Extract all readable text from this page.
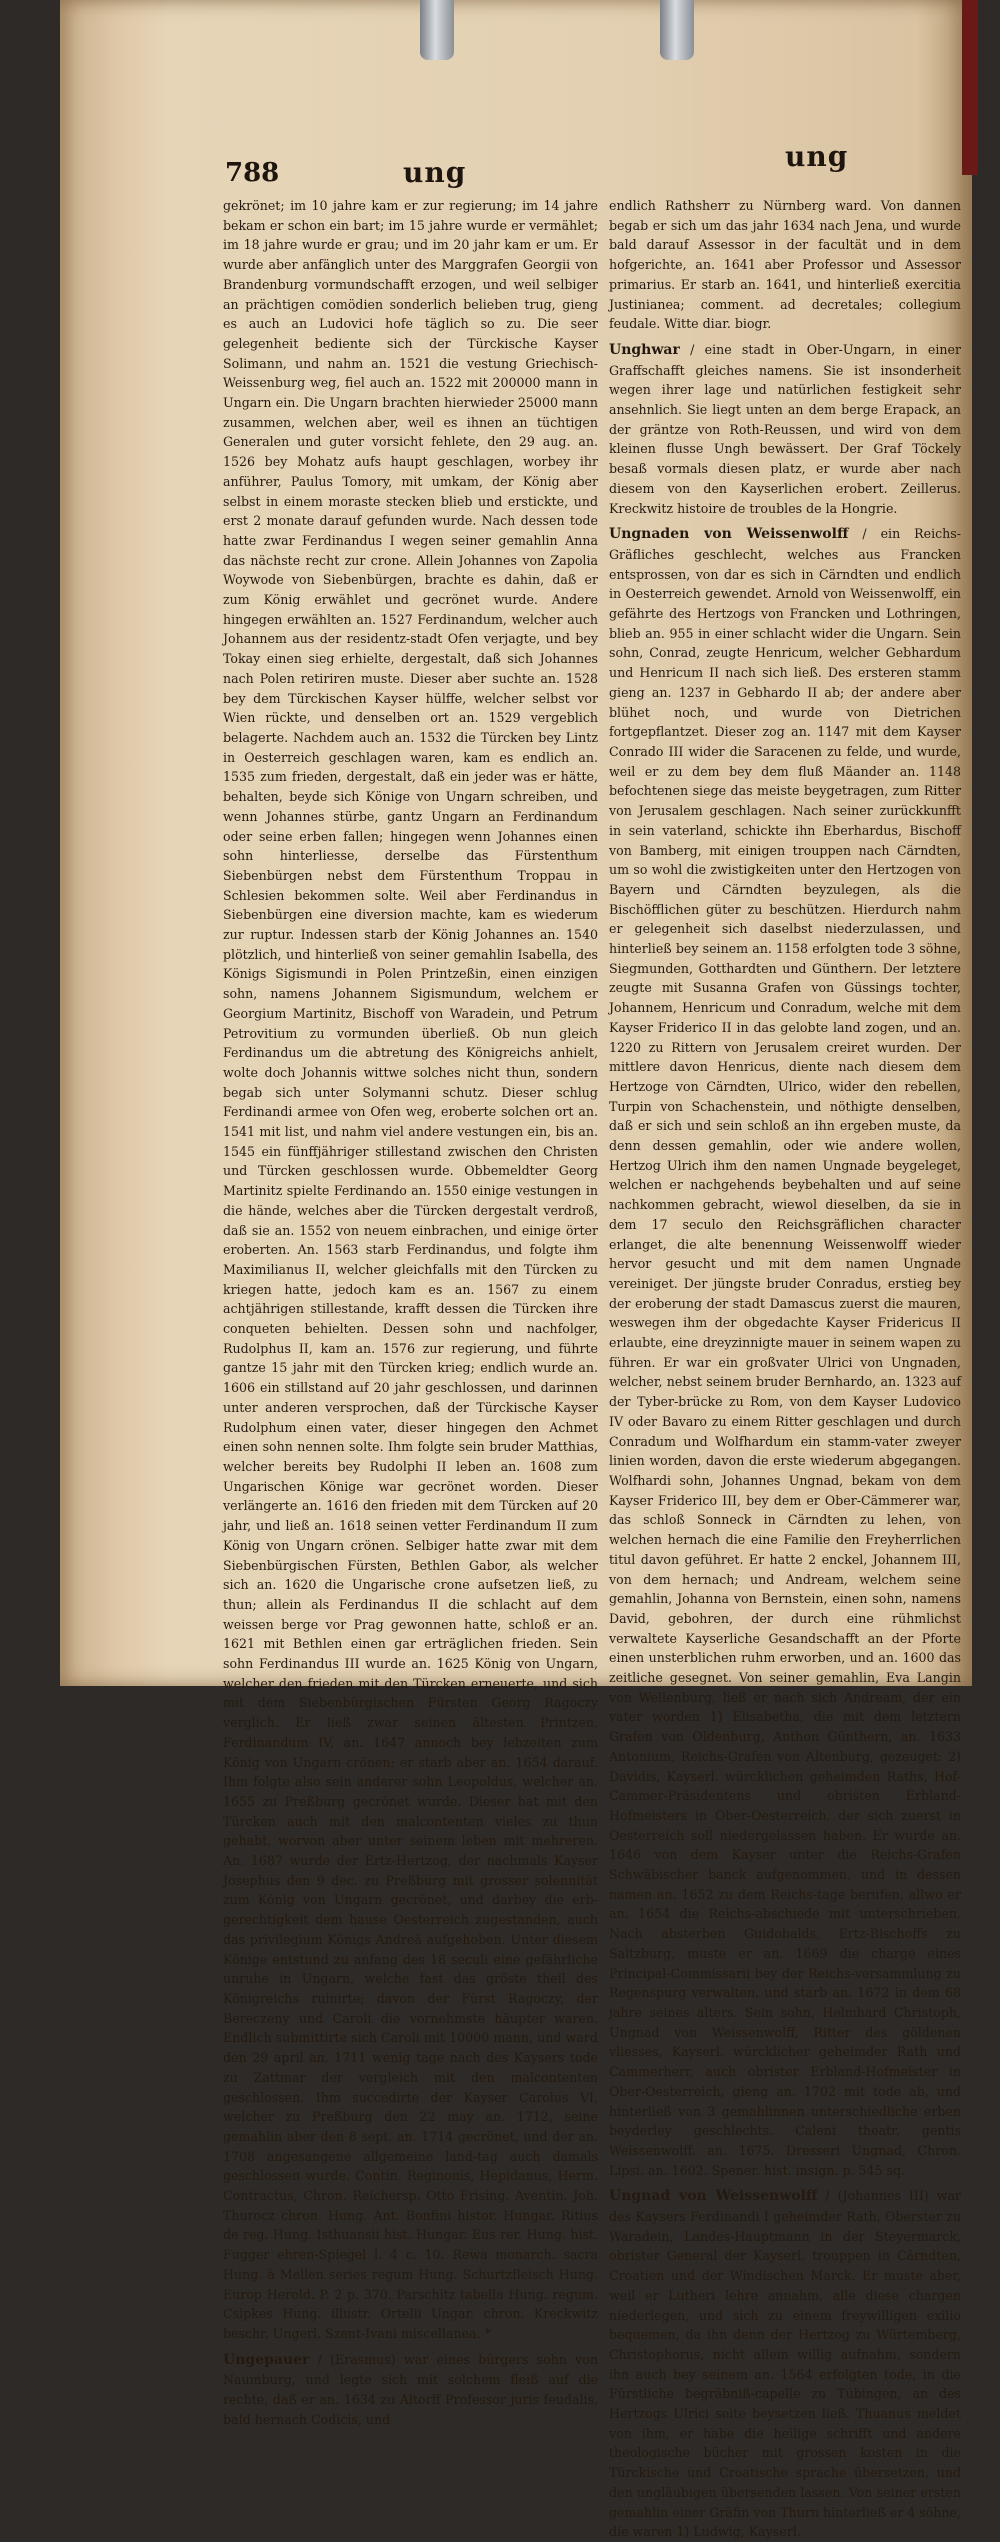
788	ung	ung

gekrönet; im 10 jahre kam er zur regierung; im 14 jahre bekam er schon ein bart; im 15 jahre wurde er vermählet; im 18 jahre wurde er grau; und im 20 jahr kam er um. Er wurde aber anfänglich unter des Marggrafen Georgii von Brandenburg vormundschafft erzogen, und weil selbiger an prächtigen comödien sonderlich belieben trug, gieng es auch an Ludovici hofe täglich so zu. Die seer gelegenheit bediente sich der Türckische Kayser Solimann, und nahm an. 1521 die vestung Griechisch-Weissenburg weg, fiel auch an. 1522 mit 200000 mann in Ungarn ein. Die Ungarn brachten hierwieder 25000 mann zusammen, welchen aber, weil es ihnen an tüchtigen Generalen und guter vorsicht fehlete, den 29 aug. an. 1526 bey Mohatz aufs haupt geschlagen, worbey ihr anführer, Paulus Tomory, mit umkam, der König aber selbst in einem moraste stecken blieb und erstickte, und erst 2 monate darauf gefunden wurde. Nach dessen tode hatte zwar Ferdinandus I wegen seiner gemahlin Anna das nächste recht zur crone. Allein Johannes von Zapolia Woywode von Siebenbürgen, brachte es dahin, daß er zum König erwählet und gecrönet wurde. Andere hingegen erwählten an. 1527 Ferdinandum, welcher auch Johannem aus der residentz-stadt Ofen verjagte, und bey Tokay einen sieg erhielte, dergestalt, daß sich Johannes nach Polen retiriren muste. Dieser aber suchte an. 1528 bey dem Türckischen Kayser hülffe, welcher selbst vor Wien rückte, und denselben ort an. 1529 vergeblich belagerte. Nachdem auch an. 1532 die Türcken bey Lintz in Oesterreich geschlagen waren, kam es endlich an. 1535 zum frieden, dergestalt, daß ein jeder was er hätte, behalten, beyde sich Könige von Ungarn schreiben, und wenn Johannes stürbe, gantz Ungarn an Ferdinandum oder seine erben fallen; hingegen wenn Johannes einen sohn hinterliesse, derselbe das Fürstenthum Siebenbürgen nebst dem Fürstenthum Troppau in Schlesien bekommen solte. Weil aber Ferdinandus in Siebenbürgen eine diversion machte, kam es wiederum zur ruptur. Indessen starb der König Johannes an. 1540 plötzlich, und hinterließ von seiner gemahlin Isabella, des Königs Sigismundi in Polen Printzeßin, einen einzigen sohn, namens Johannem Sigismundum, welchem er Georgium Martinitz, Bischoff von Waradein, und Petrum Petrovitium zu vormunden überließ. Ob nun gleich Ferdinandus um die abtretung des Königreichs anhielt, wolte doch Johannis wittwe solches nicht thun, sondern begab sich unter Solymanni schutz. Dieser schlug Ferdinandi armee von Ofen weg, eroberte solchen ort an. 1541 mit list, und nahm viel andere vestungen ein, bis an. 1545 ein fünffjähriger stillestand zwischen den Christen und Türcken geschlossen wurde. Obbemeldter Georg Martinitz spielte Ferdinando an. 1550 einige vestungen in die hände, welches aber die Türcken dergestalt verdroß, daß sie an. 1552 von neuem einbrachen, und einige örter eroberten. An. 1563 starb Ferdinandus, und folgte ihm Maximilianus II, welcher gleichfalls mit den Türcken zu kriegen hatte, jedoch kam es an. 1567 zu einem achtjährigen stillestande, krafft dessen die Türcken ihre conqueten behielten. Dessen sohn und nachfolger, Rudolphus II, kam an. 1576 zur regierung, und führte gantze 15 jahr mit den Türcken krieg; endlich wurde an. 1606 ein stillstand auf 20 jahr geschlossen, und darinnen unter anderen versprochen, daß der Türckische Kayser Rudolphum einen vater, dieser hingegen den Achmet einen sohn nennen solte. Ihm folgte sein bruder Matthias, welcher bereits bey Rudolphi II leben an. 1608 zum Ungarischen Könige war gecrönet worden. Dieser verlängerte an. 1616 den frieden mit dem Türcken auf 20 jahr, und ließ an. 1618 seinen vetter Ferdinandum II zum König von Ungarn crönen. Selbiger hatte zwar mit dem Siebenbürgischen Fürsten, Bethlen Gabor, als welcher sich an. 1620 die Ungarische crone aufsetzen ließ, zu thun; allein als Ferdinandus II die schlacht auf dem weissen berge vor Prag gewonnen hatte, schloß er an. 1621 mit Bethlen einen gar erträglichen frieden. Sein sohn Ferdinandus III wurde an. 1625 König von Ungarn, welcher den frieden mit den Türcken erneuerte, und sich mit dem Siebenbürgischen Fürsten Georg Ragoczy verglich. Er ließ zwar seinen ältesten Printzen, Ferdinandum IV, an. 1647 annoch bey lebzeiten zum König von Ungarn crönen; er starb aber an. 1654 darauf. Ihm folgte also sein anderer sohn Leopoldus, welcher an. 1655 zu Preßburg gecrönet wurde. Dieser hat mit den Türcken auch mit den malcontenten vieles zu thun gehabt, worvon aber unter seinem leben mit mehreren. An. 1687 wurde der Ertz-Hertzog, der nachmals Kayser Josephus den 9 dec. zu Preßburg mit grosser solennität zum König von Ungarn gecrönet, und darbey die erb-gerechtigkeit dem hause Oesterreich zugestanden, auch das privilegium Königs Andreä aufgehoben. Unter diesem Könige entstund zu anfang des 18 seculi eine gefährliche unruhe in Ungarn, welche fast das gröste theil des Königreichs ruinirte; davon der Fürst Ragoczy, der Bereczeny und Caroli die vornehmste häupter waren. Endlich submittirte sich Caroli mit 10000 mann, und ward den 29 april an. 1711 wenig tage nach des Kaysers tode zu Zattmar der vergleich mit den malcontenten geschlossen. Ihm succedirte der Kayser Carolus VI, welcher zu Preßburg den 22 may an. 1712, seine gemahlin aber den 8 sept. an. 1714 gecrönet, und der an. 1708 angesangene allgemeine land-tag auch damals geschlossen wurde. Contin. Reginonis, Hepidanus, Herm. Contractus, Chron. Reichersp. Otto Frising. Aventin. Joh. Thurocz chron. Hung. Ant. Bonfini histor. Hungar. Ritius de reg. Hung. Isthuansii hist. Hungar. Eus rer. Hung. hist. Fugger ehren-Spiegel l. 4 c. 10. Rewa monarch. sacra Hung. à Mellen series regum Hung. Schurtzfleisch Hung. Europ Herold. P. 2 p. 370. Parschitz tabella Hung. regum. Csipkes Hung. illustr. Ortelii Ungar. chron. Kreckwitz beschr. Ungerl. Szent-Ivani miscellanea. *

Ungepauer / (Erasmus) war eines bürgers sohn von Naumburg, und legte sich mit solchem fleiß auf die rechte, daß er an. 1634 zu Altorff Professor juris feudalis, bald hernach Codicis, und

endlich Rathsherr zu Nürnberg ward. Von dannen begab er sich um das jahr 1634 nach Jena, und wurde bald darauf Assessor in der facultät und in dem hofgerichte, an. 1641 aber Professor und Assessor primarius. Er starb an. 1641, und hinterließ exercitia Justinianea; comment. ad decretales; collegium feudale. Witte diar. biogr.

Unghwar / eine stadt in Ober-Ungarn, in einer Graffschafft gleiches namens. Sie ist insonderheit wegen ihrer lage und natürlichen festigkeit sehr ansehnlich. Sie liegt unten an dem berge Erapack, an der gräntze von Roth-Reussen, und wird von dem kleinen flusse Ungh bewässert. Der Graf Töckely besaß vormals diesen platz, er wurde aber nach diesem von den Kayserlichen erobert. Zeillerus. Kreckwitz histoire de troubles de la Hongrie.

Ungnaden von Weissenwolff / ein Reichs-Gräfliches geschlecht, welches aus Francken entsprossen, von dar es sich in Cärndten und endlich in Oesterreich gewendet. Arnold von Weissenwolff, ein gefährte des Hertzogs von Francken und Lothringen, blieb an. 955 in einer schlacht wider die Ungarn. Sein sohn, Conrad, zeugte Henricum, welcher Gebhardum und Henricum II nach sich ließ. Des ersteren stamm gieng an. 1237 in Gebhardo II ab; der andere aber blühet noch, und wurde von Dietrichen fortgepflantzet. Dieser zog an. 1147 mit dem Kayser Conrado III wider die Saracenen zu felde, und wurde, weil er zu dem bey dem fluß Mäander an. 1148 befochtenen siege das meiste beygetragen, zum Ritter von Jerusalem geschlagen. Nach seiner zurückkunfft in sein vaterland, schickte ihn Eberhardus, Bischoff von Bamberg, mit einigen trouppen nach Cärndten, um so wohl die zwistigkeiten unter den Hertzogen von Bayern und Cärndten beyzulegen, als die Bischöfflichen güter zu beschützen. Hierdurch nahm er gelegenheit sich daselbst niederzulassen, und hinterließ bey seinem an. 1158 erfolgten tode 3 söhne, Siegmunden, Gotthardten und Günthern. Der letztere zeugte mit Susanna Grafen von Güssings tochter, Johannem, Henricum und Conradum, welche mit dem Kayser Friderico II in das gelobte land zogen, und an. 1220 zu Rittern von Jerusalem creiret wurden. Der mittlere davon Henricus, diente nach diesem dem Hertzoge von Cärndten, Ulrico, wider den rebellen, Turpin von Schachenstein, und nöthigte denselben, daß er sich und sein schloß an ihn ergeben muste, da denn dessen gemahlin, oder wie andere wollen, Hertzog Ulrich ihm den namen Ungnade beygeleget, welchen er nachgehends beybehalten und auf seine nachkommen gebracht, wiewol dieselben, da sie in dem 17 seculo den Reichsgräflichen character erlanget, die alte benennung Weissenwolff wieder hervor gesucht und mit dem namen Ungnade vereiniget. Der jüngste bruder Conradus, erstieg bey der eroberung der stadt Damascus zuerst die mauren, weswegen ihm der obgedachte Kayser Fridericus II erlaubte, eine dreyzinnigte mauer in seinem wapen zu führen. Er war ein großvater Ulrici von Ungnaden, welcher, nebst seinem bruder Bernhardo, an. 1323 auf der Tyber-brücke zu Rom, von dem Kayser Ludovico IV oder Bavaro zu einem Ritter geschlagen und durch Conradum und Wolfhardum ein stamm-vater zweyer linien worden, davon die erste wiederum abgegangen. Wolfhardi sohn, Johannes Ungnad, bekam von dem Kayser Friderico III, bey dem er Ober-Cämmerer war, das schloß Sonneck in Cärndten zu lehen, von welchen hernach die eine Familie den Freyherrlichen titul davon geführet. Er hatte 2 enckel, Johannem III, von dem hernach; und Andream, welchem seine gemahlin, Johanna von Bernstein, einen sohn, namens David, gebohren, der durch eine rühmlichst verwaltete Kayserliche Gesandschafft an der Pforte einen unsterblichen ruhm erworben, und an. 1600 das zeitliche gesegnet. Von seiner gemahlin, Eva Langin von Wellenburg, ließ er nach sich Andream, der ein vater worden 1) Elisabetha, die mit dem letztern Grafen von Oldenburg, Anthon Günthern, an. 1633 Antonium, Reichs-Grafen von Altenburg, gezeuget: 2) Davidis, Kayserl. würcklichen geheimden Raths, Hof-Cammer-Präsidentens und obristen Erbland-Hofmeisters in Ober-Oesterreich, der sich zuerst in Oesterreich soll niedergelassen haben. Er wurde an. 1646 von dem Kayser unter die Reichs-Grafen Schwäbischer banck aufgenommen, und in dessen namen an. 1652 zu dem Reichs-tage berufen, allwo er an. 1654 die Reichs-abschiede mit unterschrieben. Nach absterben Guidobalds, Ertz-Bischoffs zu Saltzburg, muste er an. 1669 die charge eines Principal-Commissarii bey der Reichs-versammlung zu Regenspurg verwalten, und starb an. 1672 in dem 68 jahre seines alters. Sein sohn, Helmhard Christoph, Ungnad von Weissenwolff, Ritter des göldenen vliesses, Kayserl. würcklicher geheimder Rath und Cammerherr, auch obrister Erbland-Hofmeister in Ober-Oesterreich, gieng an. 1702 mit tode ab, und hinterließ von 3 gemahlinnen unterschiedliche erben beyderley geschlechts. Caleni theatr. gentis Weissenwolff. an. 1675. Dresseri Ungnad, Chron. Lipsi. an. 1602. Spener. hist. insign. p. 545 sq.

Ungnad von Weissenwolff / (Johannes III) war des Kaysers Ferdinandi I geheimder Rath, Oberster zu Waradein, Landes-Hauptmann in der Steyermarck, obrister General der Kayserl. trouppen in Cärndten, Croatien und der Windischen Marck. Er muste aber, weil er Lutheri lehre annahm, alle diese chargen niederlegen, und sich zu einem freywilligen exilio bequemen, da ihn denn der Hertzog zu Würtemberg, Christophorus, nicht allein willig aufnahm, sondern ihn auch bey seinem an. 1564 erfolgten tode, in die Fürstliche begräbniß-capelle zu Tübingen, an des Hertzogs Ulrici seite beysetzen ließ. Thuanus meldet von ihm, er habe die heilige schrifft und andere theologische bücher mit grossen kosten in die Türckische und Croatische sprache übersetzen, und den ungläubigen übersenden lassen. Von seiner ersten gemahlin einer Gräfin von Thurn hinterließ er 4 söhne, die waren 1) Ludwig, Kayserl.
